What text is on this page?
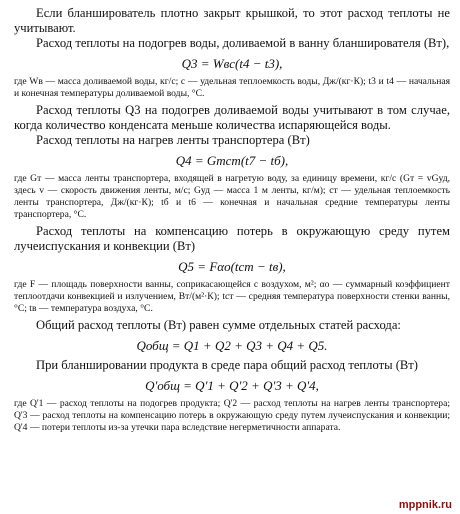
Если бланширователь плотно закрыт крышкой, то этот расход теплоты не учитывают.

Расход теплоты на подогрев воды, доливаемой в ванну бланширователя (Вт),

Q3 = Wвc(t4 − t3),

где Wв — масса доливаемой воды, кг/с; c — удельная теплоемкость воды, Дж/(кг·К); t3 и t4 — начальная и конечная температуры доливаемой воды, °С.

Расход теплоты Q3 на подогрев доливаемой воды учитывают в том случае, когда количество конденсата меньше количества испаряющейся воды.

Расход теплоты на нагрев ленты транспортера (Вт)

Q4 = Gтcт(t7 − tб),

где Gт — масса ленты транспортера, входящей в нагретую воду, за единицу времени, кг/с (Gт = vGуд, здесь v — скорость движения ленты, м/с; Gуд — масса 1 м ленты, кг/м); cт — удельная теплоемкость ленты транспортера, Дж/(кг·К); tб и t6 — конечная и начальная средние температуры ленты транспортера, °С.

Расход теплоты на компенсацию потерь в окружающую среду путем лучеиспускания и конвекции (Вт)

Q5 = Fαо(tст − tв),

где F — площадь поверхности ванны, соприкасающейся с воздухом, м²; αо — суммарный коэффициент теплоотдачи конвекцией и излучением, Вт/(м²·К); tст — средняя температура поверхности стенки ванны, °С; tв — температура воздуха, °С.

Общий расход теплоты (Вт) равен сумме отдельных статей расхода:

Qобщ = Q1 + Q2 + Q3 + Q4 + Q5.

При бланшировании продукта в среде пара общий расход теплоты (Вт)

Q'общ = Q'1 + Q'2 + Q'3 + Q'4,

где Q'1 — расход теплоты на подогрев продукта; Q'2 — расход теплоты на нагрев ленты транспортера; Q'3 — расход теплоты на компенсацию потерь в окружающую среду путем лучеиспускания и конвекции; Q'4 — потери теплоты из-за утечки пара вследствие негерметичности аппарата.

mppnik.ru
